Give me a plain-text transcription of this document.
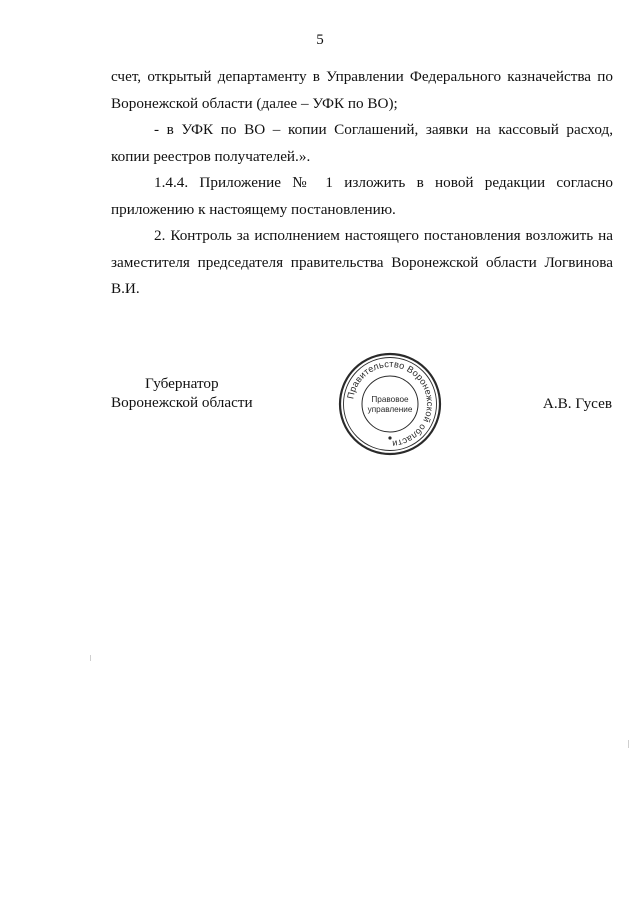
5

счет, открытый департаменту в Управлении Федерального казначейства по Воронежской области (далее – УФК по ВО);

- в УФК по ВО – копии Соглашений, заявки на кассовый расход, копии реестров получателей.».

1.4.4. Приложение № 1 изложить в новой редакции согласно приложению к настоящему постановлению.

2. Контроль за исполнением настоящего постановления возложить на заместителя председателя правительства Воронежской области Логвинова В.И.

Губернатор
Воронежской области	Правительство Воронежской области
Правовое
управление	А.В. Гусев
